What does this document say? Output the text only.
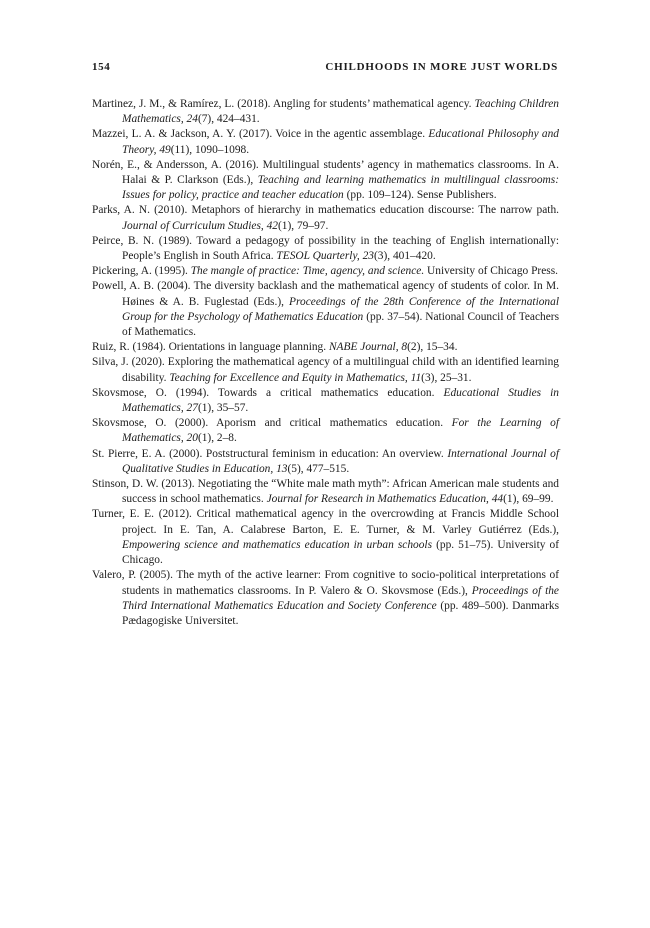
154	CHILDHOODS IN MORE JUST WORLDS
Martinez, J. M., & Ramírez, L. (2018). Angling for students’ mathematical agency. Teaching Children Mathematics, 24(7), 424–431.
Mazzei, L. A. & Jackson, A. Y. (2017). Voice in the agentic assemblage. Educational Philosophy and Theory, 49(11), 1090–1098.
Norén, E., & Andersson, A. (2016). Multilingual students’ agency in mathematics classrooms. In A. Halai & P. Clarkson (Eds.), Teaching and learning mathematics in multilingual classrooms: Issues for policy, practice and teacher education (pp. 109–124). Sense Publishers.
Parks, A. N. (2010). Metaphors of hierarchy in mathematics education discourse: The narrow path. Journal of Curriculum Studies, 42(1), 79–97.
Peirce, B. N. (1989). Toward a pedagogy of possibility in the teaching of English internationally: People’s English in South Africa. TESOL Quarterly, 23(3), 401–420.
Pickering, A. (1995). The mangle of practice: Time, agency, and science. University of Chicago Press.
Powell, A. B. (2004). The diversity backlash and the mathematical agency of students of color. In M. Høines & A. B. Fuglestad (Eds.), Proceedings of the 28th Conference of the International Group for the Psychology of Mathematics Education (pp. 37–54). National Council of Teachers of Mathematics.
Ruiz, R. (1984). Orientations in language planning. NABE Journal, 8(2), 15–34.
Silva, J. (2020). Exploring the mathematical agency of a multilingual child with an identified learning disability. Teaching for Excellence and Equity in Mathematics, 11(3), 25–31.
Skovsmose, O. (1994). Towards a critical mathematics education. Educational Studies in Mathematics, 27(1), 35–57.
Skovsmose, O. (2000). Aporism and critical mathematics education. For the Learning of Mathematics, 20(1), 2–8.
St. Pierre, E. A. (2000). Poststructural feminism in education: An overview. International Journal of Qualitative Studies in Education, 13(5), 477–515.
Stinson, D. W. (2013). Negotiating the “White male math myth”: African American male students and success in school mathematics. Journal for Research in Mathematics Education, 44(1), 69–99.
Turner, E. E. (2012). Critical mathematical agency in the overcrowding at Francis Middle School project. In E. Tan, A. Calabrese Barton, E. E. Turner, & M. Varley Gutiérrez (Eds.), Empowering science and mathematics education in urban schools (pp. 51–75). University of Chicago.
Valero, P. (2005). The myth of the active learner: From cognitive to socio-political interpretations of students in mathematics classrooms. In P. Valero & O. Skovsmose (Eds.), Proceedings of the Third International Mathematics Education and Society Conference (pp. 489–500). Danmarks Pædagogiske Universitet.
